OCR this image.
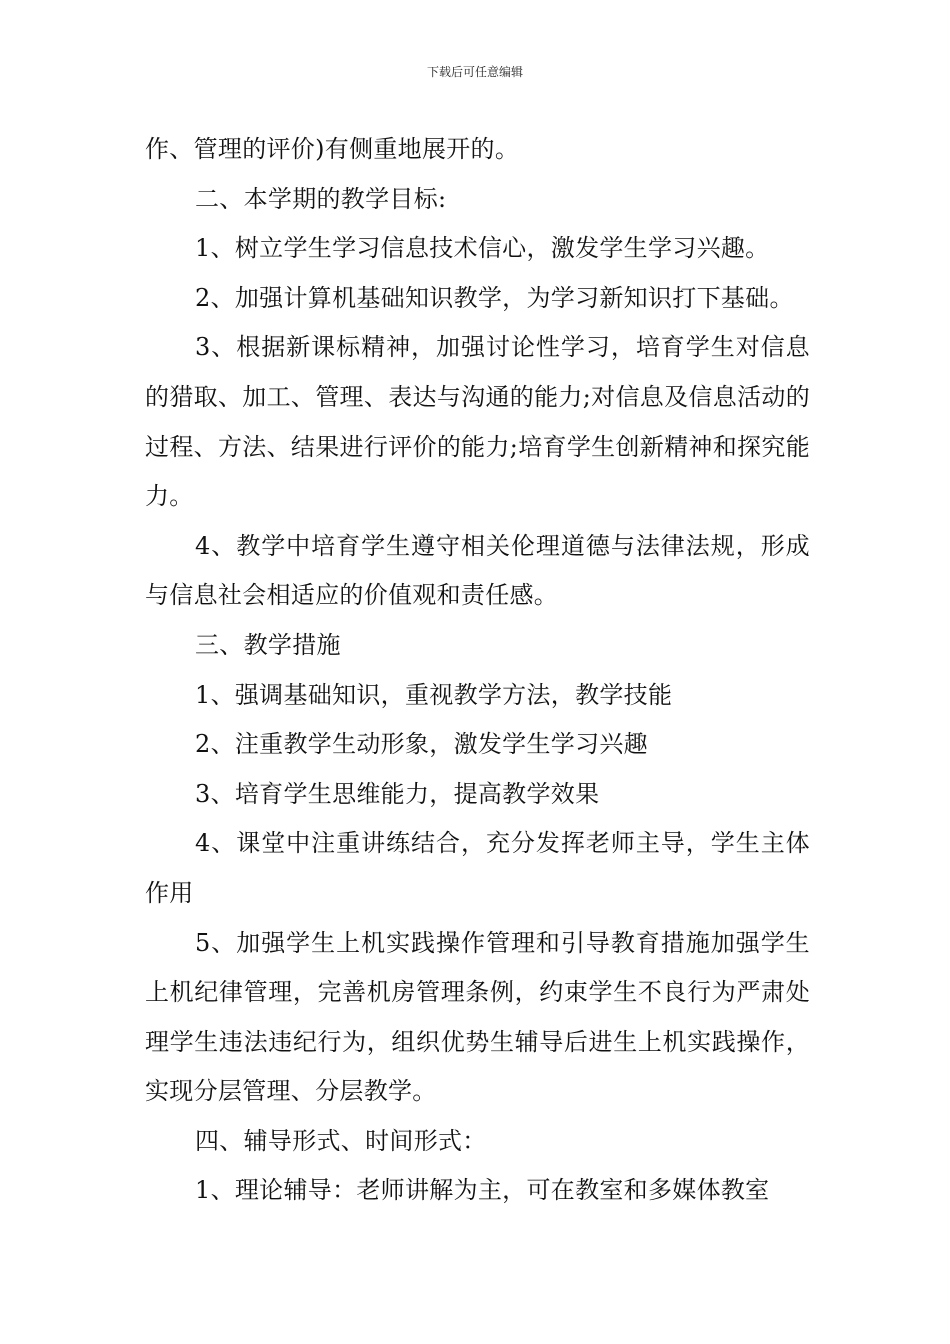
下载后可任意编辑

作、管理的评价)有侧重地展开的。

二、本学期的教学目标:

1、树立学生学习信息技术信心，激发学生学习兴趣。

2、加强计算机基础知识教学，为学习新知识打下基础。

3、根据新课标精神，加强讨论性学习，培育学生对信息的猎取、加工、管理、表达与沟通的能力;对信息及信息活动的过程、方法、结果进行评价的能力;培育学生创新精神和探究能力。

4、教学中培育学生遵守相关伦理道德与法律法规，形成与信息社会相适应的价值观和责任感。

三、教学措施

1、强调基础知识，重视教学方法，教学技能

2、注重教学生动形象，激发学生学习兴趣

3、培育学生思维能力，提高教学效果

4、课堂中注重讲练结合，充分发挥老师主导，学生主体作用

5、加强学生上机实践操作管理和引导教育措施加强学生上机纪律管理，完善机房管理条例，约束学生不良行为严肃处理学生违法违纪行为，组织优势生辅导后进生上机实践操作，实现分层管理、分层教学。

四、辅导形式、时间形式：

1、理论辅导：老师讲解为主，可在教室和多媒体教室
